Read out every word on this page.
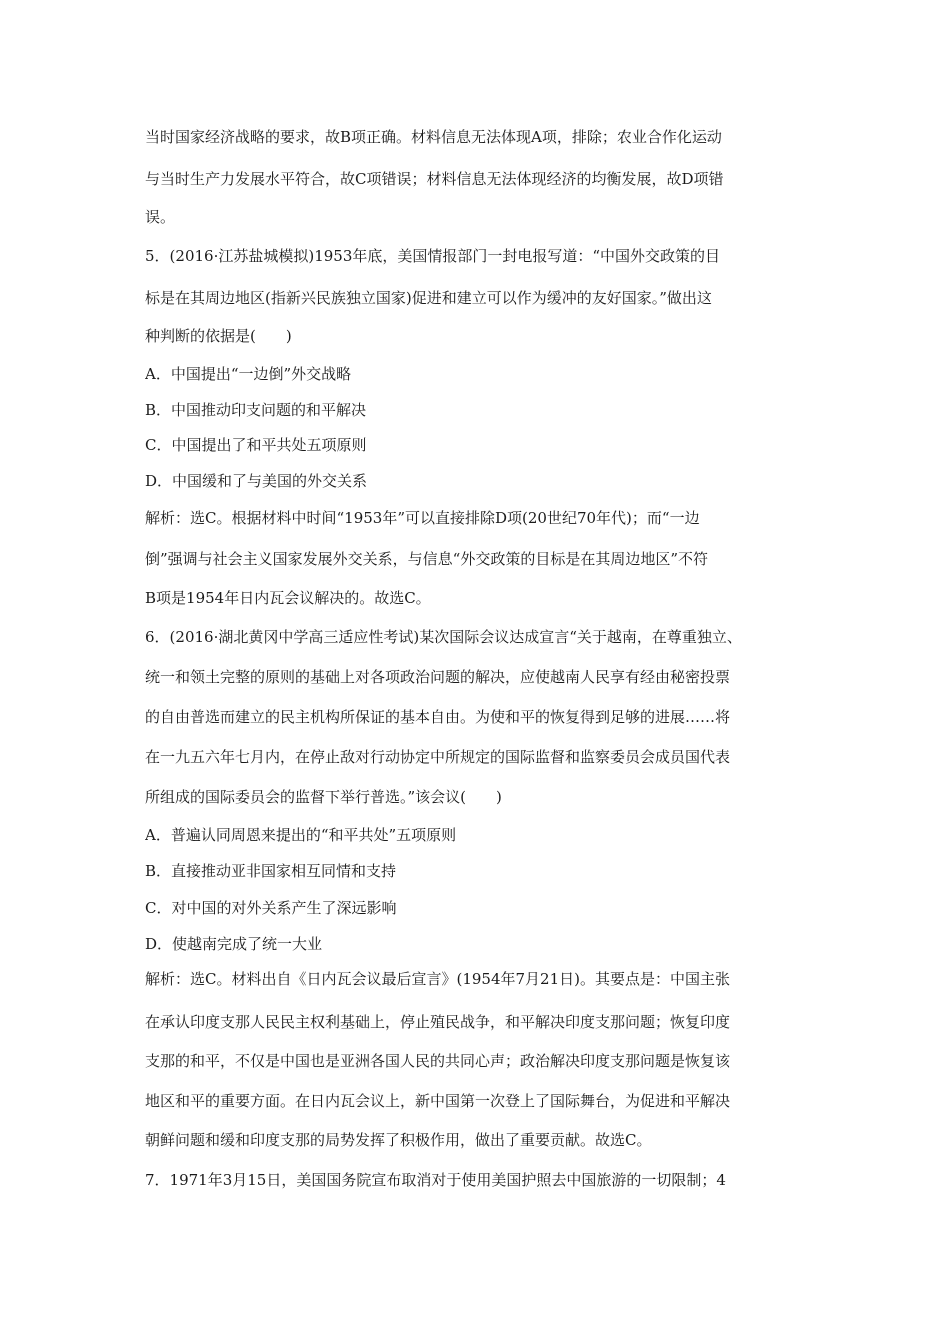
当时国家经济战略的要求，故B项正确。材料信息无法体现A项，排除；农业合作化运动
与当时生产力发展水平符合，故C项错误；材料信息无法体现经济的均衡发展，故D项错
误。
5．(2016·江苏盐城模拟)1953年底，美国情报部门一封电报写道：“中国外交政策的目
标是在其周边地区(指新兴民族独立国家)促进和建立可以作为缓冲的友好国家。”做出这
种判断的依据是(　　)
A．中国提出“一边倒”外交战略
B．中国推动印支问题的和平解决
C．中国提出了和平共处五项原则
D．中国缓和了与美国的外交关系
解析：选C。根据材料中时间“1953年”可以直接排除D项(20世纪70年代)；而“一边
倒”强调与社会主义国家发展外交关系，与信息“外交政策的目标是在其周边地区”不符
B项是1954年日内瓦会议解决的。故选C。
6．(2016·湖北黄冈中学高三适应性考试)某次国际会议达成宣言“关于越南，在尊重独立、
统一和领土完整的原则的基础上对各项政治问题的解决，应使越南人民享有经由秘密投票
的自由普选而建立的民主机构所保证的基本自由。为使和平的恢复得到足够的进展……将
在一九五六年七月内，在停止敌对行动协定中所规定的国际监督和监察委员会成员国代表
所组成的国际委员会的监督下举行普选。”该会议(　　)
A．普遍认同周恩来提出的“和平共处”五项原则
B．直接推动亚非国家相互同情和支持
C．对中国的对外关系产生了深远影响
D．使越南完成了统一大业
解析：选C。材料出自《日内瓦会议最后宣言》(1954年7月21日)。其要点是：中国主张
在承认印度支那人民民主权利基础上，停止殖民战争，和平解决印度支那问题；恢复印度
支那的和平，不仅是中国也是亚洲各国人民的共同心声；政治解决印度支那问题是恢复该
地区和平的重要方面。在日内瓦会议上，新中国第一次登上了国际舞台，为促进和平解决
朝鲜问题和缓和印度支那的局势发挥了积极作用，做出了重要贡献。故选C。
7．1971年3月15日，美国国务院宣布取消对于使用美国护照去中国旅游的一切限制；4
